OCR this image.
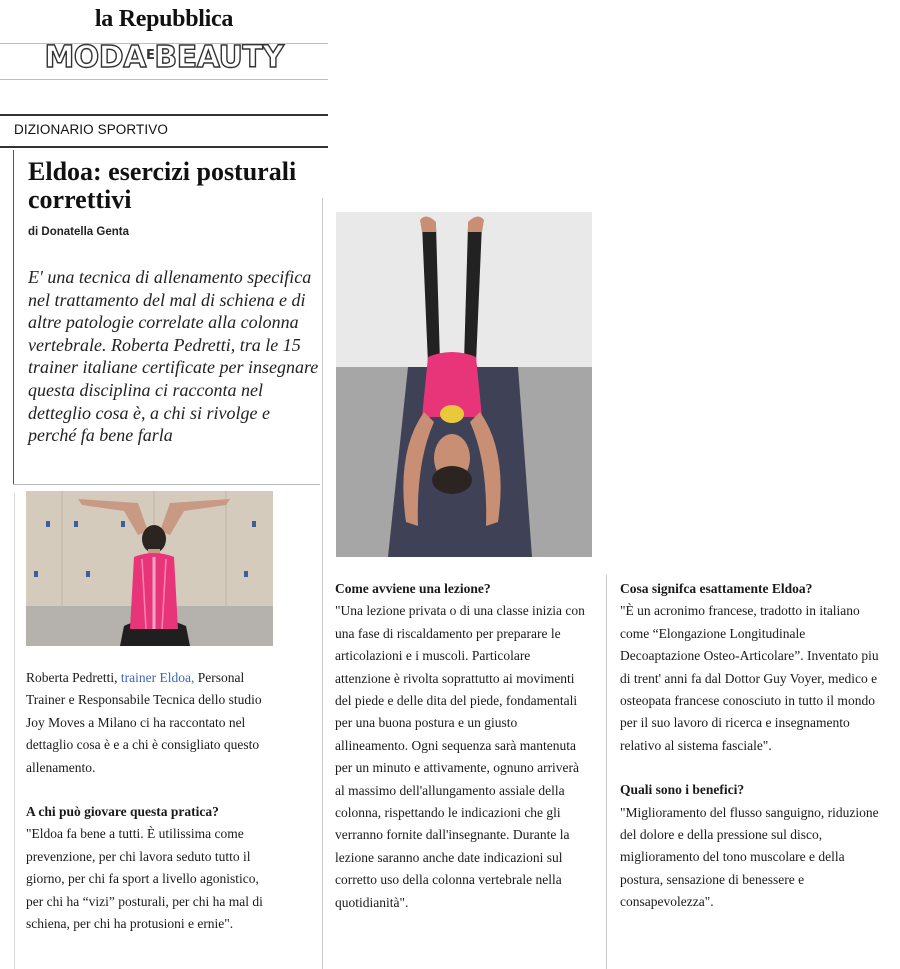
la Repubblica
$MODA^EBEAUTY$
DIZIONARIO SPORTIVO
Eldoa: esercizi posturali correttivi
di Donatella Genta

E' una tecnica di allenamento specifica nel trattamento del mal di schiena e di altre patologie correlate alla colonna vertebrale. Roberta Pedretti, tra le 15 trainer italiane certificate per insegnare questa disciplina ci racconta nel detteglio cosa è, a chi si rivolge e perché fa bene farla

Roberta Pedretti, trainer Eldoa, Personal Trainer e Responsabile Tecnica dello studio Joy Moves a Milano ci ha raccontato nel dettaglio cosa è e a chi è consigliato questo allenamento.
A chi può giovare questa pratica?
"Eldoa fa bene a tutti. È utilissima come prevenzione, per chi lavora seduto tutto il giorno, per chi fa sport a livello agonistico, per chi ha “vizi” posturali, per chi ha mal di schiena, per chi ha protusioni e ernie".
Come avviene una lezione?
"Una lezione privata o di una classe inizia con una fase di riscaldamento per preparare le articolazioni e i muscoli. Particolare attenzione è rivolta soprattutto ai movimenti del piede e delle dita del piede, fondamentali per una buona postura e un giusto allineamento. Ogni sequenza sarà mantenuta per un minuto e attivamente, ognuno arriverà al massimo dell'allungamento assiale della colonna, rispettando le indicazioni che gli verranno fornite dall'insegnante. Durante la lezione saranno anche date indicazioni sul corretto uso della colonna vertebrale nella quotidianità".
Cosa signifca esattamente Eldoa?
"È un acronimo francese, tradotto in italiano come “Elongazione Longitudinale Decoaptazione Osteo-Articolare”. Inventato piu di trent' anni fa dal Dottor Guy Voyer, medico e osteopata francese conosciuto in tutto il mondo per il suo lavoro di ricerca e insegnamento relativo al sistema fasciale".
Quali sono i benefici?
"Miglioramento del flusso sanguigno, riduzione del dolore e della pressione sul disco, miglioramento del tono muscolare e della postura, sensazione di benessere e consapevolezza".
